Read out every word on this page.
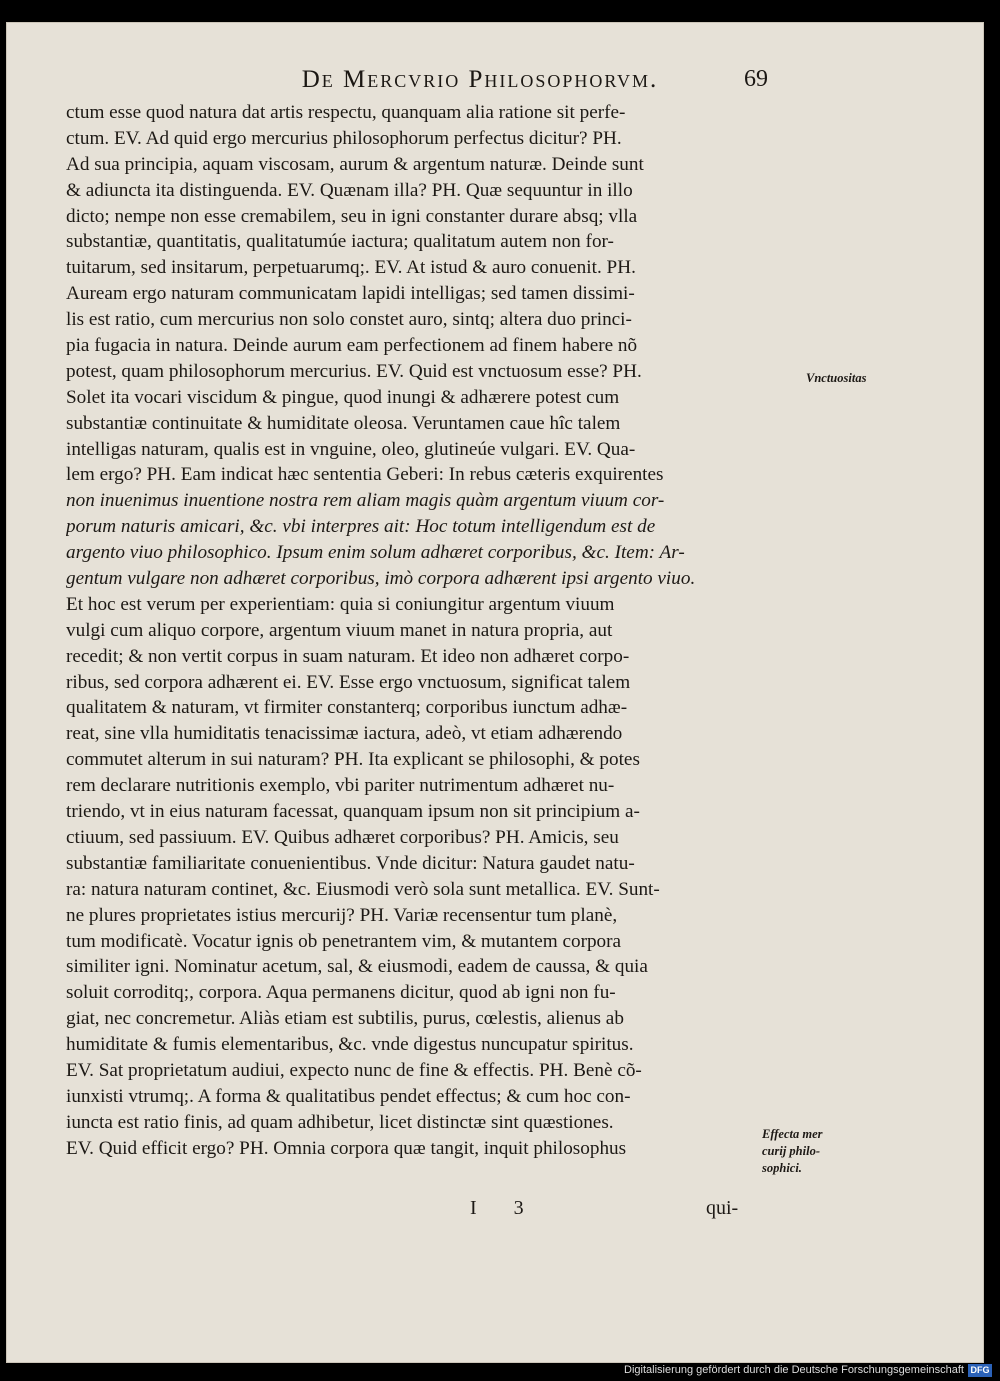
De Mercvrio Philosophorvm.	69
ctum esse quod natura dat artis respectu, quanquam alia ratione sit perfe-
ctum. EV. Ad quid ergo mercurius philosophorum perfectus dicitur? PH.
Ad sua principia, aquam viscosam, aurum & argentum naturæ. Deinde sunt
& adiuncta ita distinguenda. EV. Quænam illa? PH. Quæ sequuntur in illo
dicto; nempe non esse cremabilem, seu in igni constanter durare absq; vlla
substantiæ, quantitatis, qualitatumúe iactura; qualitatum autem non for-
tuitarum, sed insitarum, perpetuarumq;. EV. At istud & auro conuenit. PH.
Auream ergo naturam communicatam lapidi intelligas; sed tamen dissimi-
lis est ratio, cum mercurius non solo constet auro, sintq; altera duo princi-
pia fugacia in natura. Deinde aurum eam perfectionem ad finem habere nõ
potest, quam philosophorum mercurius. EV. Quid est vnctuosum esse? PH.
Solet ita vocari viscidum & pingue, quod inungi & adhærere potest cum
substantiæ continuitate & humiditate oleosa. Veruntamen caue hîc talem
intelligas naturam, qualis est in vnguine, oleo, glutineúe vulgari. EV. Qua-
lem ergo? PH. Eam indicat hæc sententia Geberi: In rebus cæteris exquirentes
non inuenimus inuentione nostra rem aliam magis quàm argentum viuum cor-
porum naturis amicari, &c. vbi interpres ait: Hoc totum intelligendum est de
argento viuo philosophico. Ipsum enim solum adhæret corporibus, &c. Item: Ar-
gentum vulgare non adhæret corporibus, imò corpora adhærent ipsi argento viuo.
Et hoc est verum per experientiam: quia si coniungitur argentum viuum
vulgi cum aliquo corpore, argentum viuum manet in natura propria, aut
recedit; & non vertit corpus in suam naturam. Et ideo non adhæret corpo-
ribus, sed corpora adhærent ei. EV. Esse ergo vnctuosum, significat talem
qualitatem & naturam, vt firmiter constanterq; corporibus iunctum adhæ-
reat, sine vlla humiditatis tenacissimæ iactura, adeò, vt etiam adhærendo
commutet alterum in sui naturam? PH. Ita explicant se philosophi, & potes
rem declarare nutritionis exemplo, vbi pariter nutrimentum adhæret nu-
triendo, vt in eius naturam facessat, quanquam ipsum non sit principium a-
ctiuum, sed passiuum. EV. Quibus adhæret corporibus? PH. Amicis, seu
substantiæ familiaritate conuenientibus. Vnde dicitur: Natura gaudet natu-
ra: natura naturam continet, &c. Eiusmodi verò sola sunt metallica. EV. Sunt-
ne plures proprietates istius mercurij? PH. Variæ recensentur tum planè,
tum modificatè. Vocatur ignis ob penetrantem vim, & mutantem corpora
similiter igni. Nominatur acetum, sal, & eiusmodi, eadem de caussa, & quia
soluit corroditq;, corpora. Aqua permanens dicitur, quod ab igni non fu-
giat, nec concremetur. Aliàs etiam est subtilis, purus, cœlestis, alienus ab
humiditate & fumis elementaribus, &c. vnde digestus nuncupatur spiritus.
EV. Sat proprietatum audiui, expecto nunc de fine & effectis. PH. Benè cõ-
iunxisti vtrumq;. A forma & qualitatibus pendet effectus; & cum hoc con-
iuncta est ratio finis, ad quam adhibetur, licet distinctæ sint quæstiones.
EV. Quid efficit ergo? PH. Omnia corpora quæ tangit, inquit philosophus
Vnctuositas
Effecta mer
curij philo-
sophici.
I 3	qui-
Digitalisierung gefördert durch die Deutsche Forschungsgemeinschaft DFG
